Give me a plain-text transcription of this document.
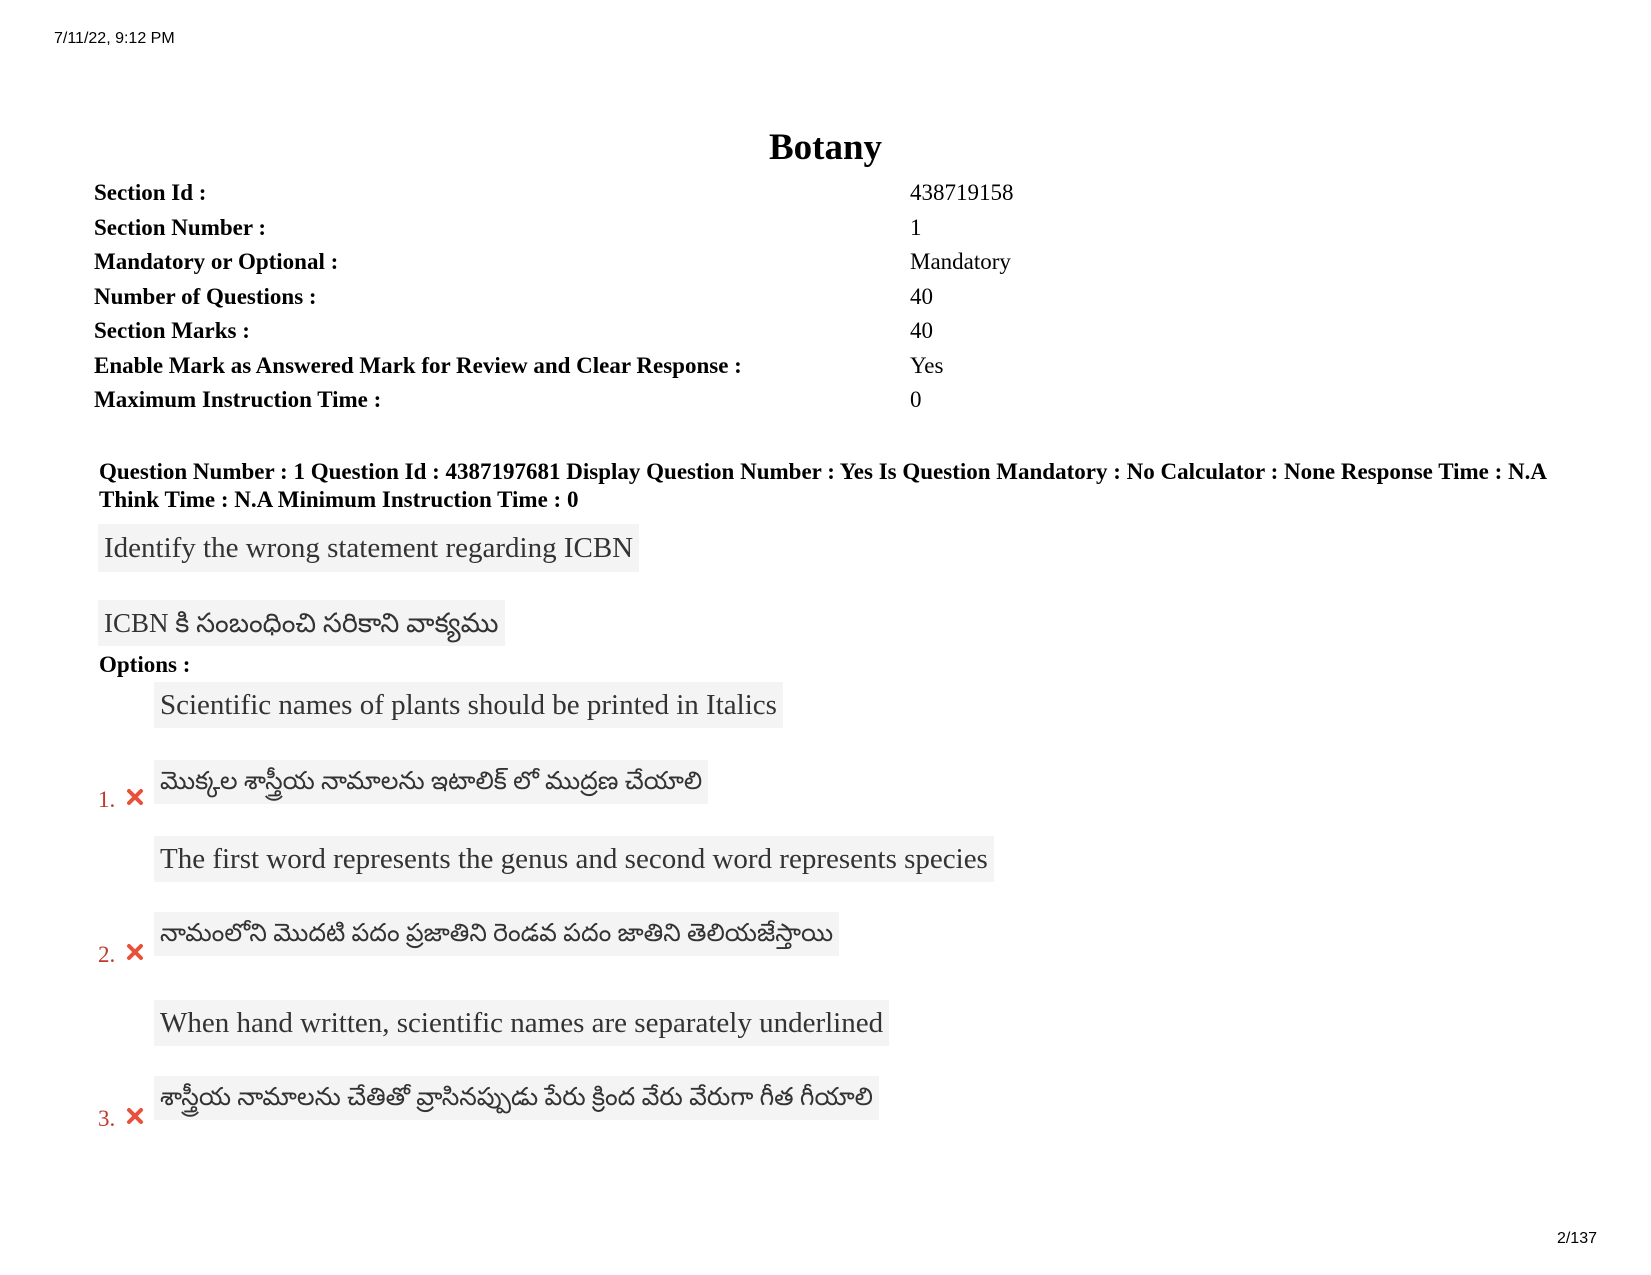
7/11/22, 9:12 PM
Botany
Section Id :	438719158
Section Number :	1
Mandatory or Optional :	Mandatory
Number of Questions :	40
Section Marks :	40
Enable Mark as Answered Mark for Review and Clear Response :	Yes
Maximum Instruction Time :	0
Question Number : 1 Question Id : 4387197681 Display Question Number : Yes Is Question Mandatory : No Calculator : None Response Time : N.A Think Time : N.A Minimum Instruction Time : 0
Identify the wrong statement regarding ICBN
ICBN కి సంబంధించి సరికాని వాక్యము
Options :
Scientific names of plants should be printed in Italics
మొక్కల శాస్త్రీయ నామాలను ఇటాలిక్ లో ముద్రణ చేయాలి
1.
The first word represents the genus and second word represents species
నామంలోని మొదటి పదం ప్రజాతిని రెండవ పదం జాతిని తెలియజేస్తాయి
2.
When hand written, scientific names are separately underlined
శాస్త్రీయ నామాలను చేతితో వ్రాసినప్పుడు పేరు క్రింద వేరు వేరుగా గీత గీయాలి
3.
2/137
